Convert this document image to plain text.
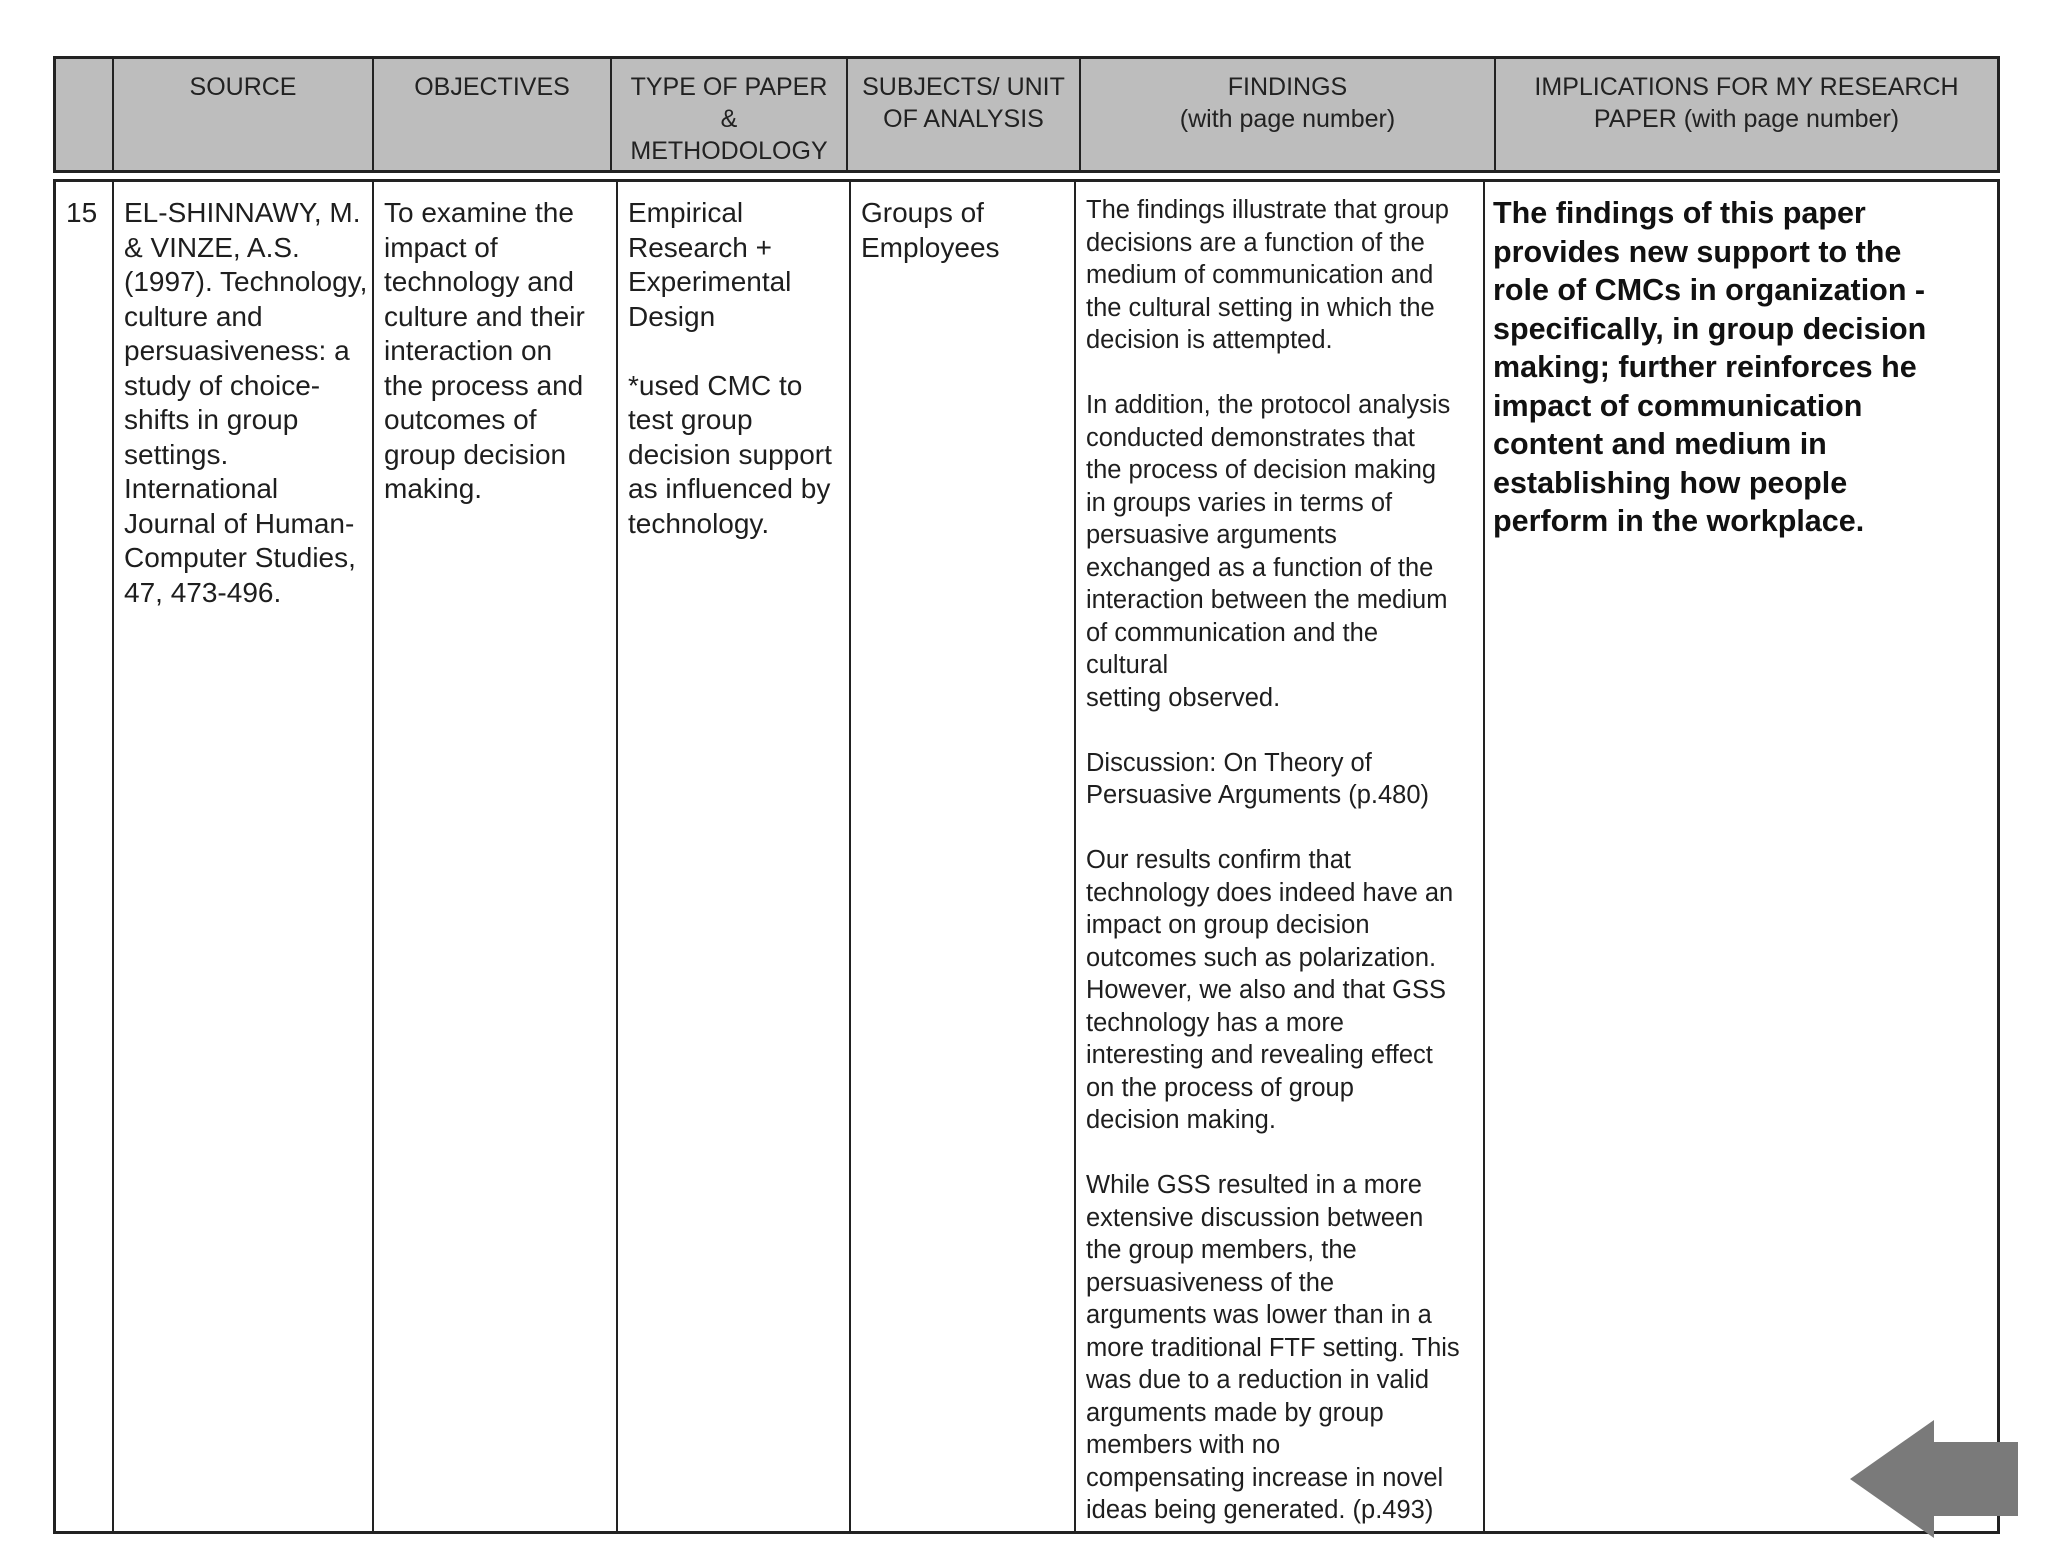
SOURCE	OBJECTIVES	TYPE OF PAPER
&
METHODOLOGY
SUBJECTS/ UNIT
OF ANALYSIS
FINDINGS
(with page number)
IMPLICATIONS FOR MY RESEARCH
PAPER (with page number)
15 EL-SHINNAWY, M.
& VINZE, A.S.
(1997). Technology,
culture and
persuasiveness: a
study of choice-
shifts in group
settings.
International
Journal of Human-
Computer Studies,
47, 473-496.
To examine the
impact of
technology and
culture and their
interaction on
the process and
outcomes of
group decision
making.
Empirical
Research +
Experimental
Design
*used CMC to
test group
decision support
as influenced by
technology.
Groups of
Employees
The findings illustrate that group
decisions are a function of the
medium of communication and
the cultural setting in which the
decision is attempted.
In addition, the protocol analysis
conducted demonstrates that
the process of decision making
in groups varies in terms of
persuasive arguments
exchanged as a function of the
interaction between the medium
of communication and the
cultural
setting observed.
Discussion: On Theory of
Persuasive Arguments (p.480)
Our results confirm that
technology does indeed have an
impact on group decision
outcomes such as polarization.
However, we also and that GSS
technology has a more
interesting and revealing effect
on the process of group
decision making.
While GSS resulted in a more
extensive discussion between
the group members, the
persuasiveness of the
arguments was lower than in a
more traditional FTF setting. This
was due to a reduction in valid
arguments made by group
members with no
compensating increase in novel
ideas being generated. (p.493)
The findings of this paper
provides new support to the
role of CMCs in organization -
specifically, in group decision
making; further reinforces he
impact of communication
content and medium in
establishing how people
perform in the workplace.
